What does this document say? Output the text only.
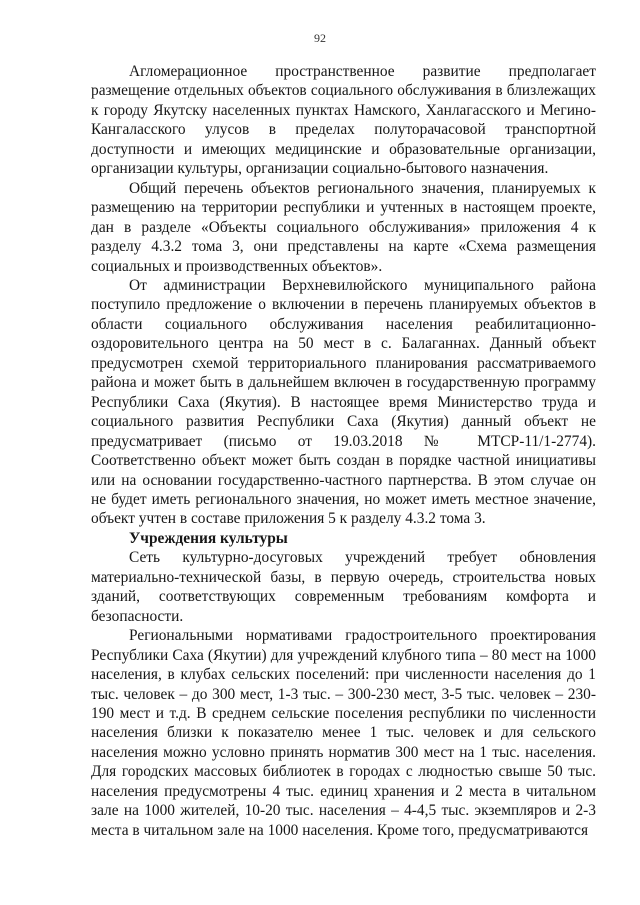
92

Агломерационное пространственное развитие предполагает размещение отдельных объектов социального обслуживания в близлежащих к городу Якутску населенных пунктах Намского, Ханлагасского и Мегино-Кангаласского улусов в пределах полуторачасовой транспортной доступности и имеющих медицинские и образовательные организации, организации культуры, организации социально-бытового назначения.

Общий перечень объектов регионального значения, планируемых к размещению на территории республики и учтенных в настоящем проекте, дан в разделе «Объекты социального обслуживания» приложения 4 к разделу 4.3.2 тома 3, они представлены на карте «Схема размещения социальных и производственных объектов».

От администрации Верхневилюйского муниципального района поступило предложение о включении в перечень планируемых объектов в области социального обслуживания населения реабилитационно-оздоровительного центра на 50 мест в с. Балаганнах. Данный объект предусмотрен схемой территориального планирования рассматриваемого района и может быть в дальнейшем включен в государственную программу Республики Саха (Якутия). В настоящее время Министерство труда и социального развития Республики Саха (Якутия) данный объект не предусматривает (письмо от 19.03.2018 № МТСР-11/1-2774). Соответственно объект может быть создан в порядке частной инициативы или на основании государственно-частного партнерства. В этом случае он не будет иметь регионального значения, но может иметь местное значение, объект учтен в составе приложения 5 к разделу 4.3.2 тома 3.

Учреждения культуры

Сеть культурно-досуговых учреждений требует обновления материально-технической базы, в первую очередь, строительства новых зданий, соответствующих современным требованиям комфорта и безопасности.

Региональными нормативами градостроительного проектирования Республики Саха (Якутии) для учреждений клубного типа – 80 мест на 1000 населения, в клубах сельских поселений: при численности населения до 1 тыс. человек – до 300 мест, 1-3 тыс. – 300-230 мест, 3-5 тыс. человек – 230-190 мест и т.д. В среднем сельские поселения республики по численности населения близки к показателю менее 1 тыс. человек и для сельского населения можно условно принять норматив 300 мест на 1 тыс. населения. Для городских массовых библиотек в городах с людностью свыше 50 тыс. населения предусмотрены 4 тыс. единиц хранения и 2 места в читальном зале на 1000 жителей, 10-20 тыс. населения – 4-4,5 тыс. экземпляров и 2-3 места в читальном зале на 1000 населения. Кроме того, предусматриваются
